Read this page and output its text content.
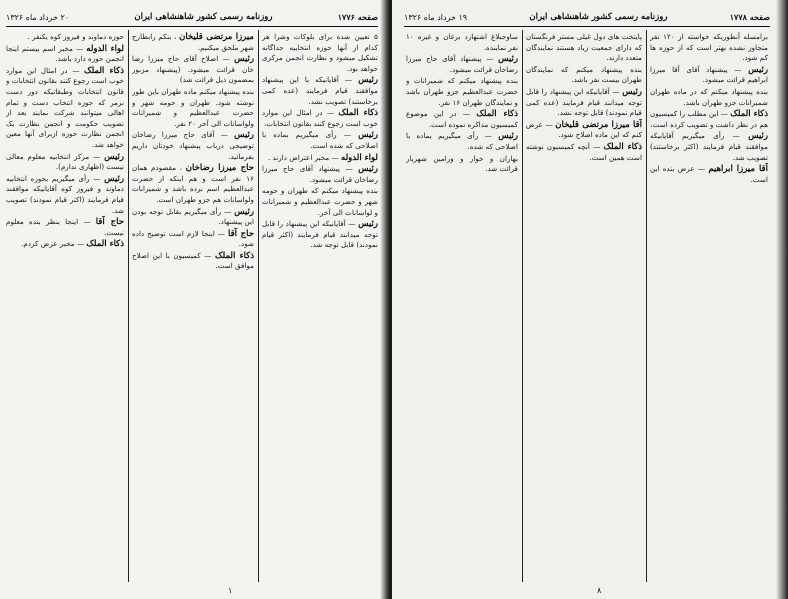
صفحه ۱۷۷۶
روزنامه رسمی کشور شاهنشاهی ایران
۲۰ خرداد ماه ۱۳۲۶

۵ تعیین شده برای بلوکات وشرا هر کدام از آنها حوزه انتخابیه جداگانه تشکیل میشود و نظارت انجمن مرکزی خواهد بود.

رئیس — آقایانیکه با این پیشنهاد موافقند قیام فرمایند (عده کمی برخاستند) تصویب نشد.

ذکاء الملک — در امثال این موارد خوب است رجوع کنند بقانون انتخابات.

رئیس — رأی میگیریم بماده با اصلاحی که شده است.

لواء الدوله — مخبر اعتراض دارند .

رئیس — پیشنهاد آقای حاج میرزا رضاخان قرائت میشود.

بنده پیشنهاد میکنم که طهران و حومه شهر و حضرت عبدالعظیم و شمیرانات و لواسانات الی آخر.

رئیس — آقایانیکه این پیشنهاد را قابل توجه میدانند قیام فرمایند (اکثر قیام نمودند) قابل توجه شد.

میرزا مرتضی قلیخان ، بنکم رابطارج شهر ملحق میکنیم.

رئیس — اصلاح آقای حاج میرزا رضا خان قرائت میشود. (پیشنهاد مزبور بمضمون ذیل قرائت شد)

بنده پیشنهاد میکنم ماده طهران باین طور نوشته شود. طهران و حومه شهر و حضرت عبدالعظیم و شمیرانات ولواسانات الی آخر ۲۰ نفر.

رئیس — آقای حاج میرزا رضاخان توضیحی درباب پیشنهاد خودتان داریم بفرمائید.

حاج میرزا رضاخان ، مقصودم همان ۱۶ نفر است و هم اینکه از حضرت عبدالعظیم اسم برده باشد و شمیرانات ولواسانات هم جزو طهران است.

رئیس — رأی میگیریم بقابل توجه بودن این پیشنهاد.

حاج آقا — اینجا لازم است توضیح داده شود.

ذکاء الملک — کمیسیون با این اصلاح موافق است.

حوزه دماوند و فیروز کوه یکنفر .

لواء الدوله — مخبر اسم بیستم اینجا انجمن حوزه دارد باشد.

ذکاء الملک — در امثال این موارد خوب است رجوع کنند بقانون انتخابات و قانون انتخابات وطبقاتیکه دور دست نرمر که حوزه انتخاب دست و تمام اهالی میتوانند شرکت نمایند بعد از تصویب حکومت و انجمن نظارت یک انجمن نظارت حوزه ازبرای آنها معین خواهد شد.

رئیس — مرکز انتخابیه معلوم معالی نیست (اظهاری ندارم).

رئیس — رأی میگیریم بحوزه انتخابیه دماوند و فیروز کوه آقایانیکه موافقند قیام فرمایند (اکثر قیام نمودند) تصویب شد.

حاج آقا — اینجا بنظر بنده معلوم نیست.

ذکاء الملک — مخبر عرض کردم.

۱
صفحه ۱۷۷۸
روزنامه رسمی کشور شاهنشاهی ایران
۱۹ خرداد ماه ۱۳۲۶

برامسله آنطوریکه خواسته از ۱۲۰ نفر متجاوز نشده بهتر است که از حوزه ها کم شود.

رئیس — پیشنهاد آقای آقا میرزا ابراهیم قرائت میشود.

بنده پیشنهاد میکنم که در ماده طهران شمیرانات جزو طهران باشد.

ذکاء الملک — این مطلب را کمیسیون هم در نظر داشت و تصویب کرده است.

رئیس — رأی میگیریم آقایانیکه موافقند قیام فرمایند (اکثر برخاستند) تصویب شد.

آقا میرزا ابراهیم — عرض بنده این است.

پایتخت های دول غیلی مستر فرنگستان که دارای جمعیت زیاد هستند نمایندگان متعدد دارند.

بنده پیشنهاد میکنم که نمایندگان طهران بیست نفر باشد.

رئیس — آقایانیکه این پیشنهاد را قابل توجه میدانند قیام فرمایند (عده کمی قیام نمودند) قابل توجه نشد.

آقا میرزا مرتضی قلیخان — عرض کنم که این ماده اصلاح شود.

ذکاء الملک — آنچه کمیسیون نوشته است همین است.

ساوجبلاغ اشتهارد برغان و غیره ۱۰ نفر نماینده.

رئیس — پیشنهاد آقای حاج میرزا رضاخان قرائت میشود.

بنده پیشنهاد میکنم که شمیرانات و حضرت عبدالعظیم جزو طهران باشد و نمایندگان طهران ۱۶ نفر.

ذکاء الملک — در این موضوع کمیسیون مذاکره نموده است.

رئیس — رأی میگیریم بماده با اصلاحی که شده.

بهاران و خوار و ورامین شهریار قرائت شد.

۸
